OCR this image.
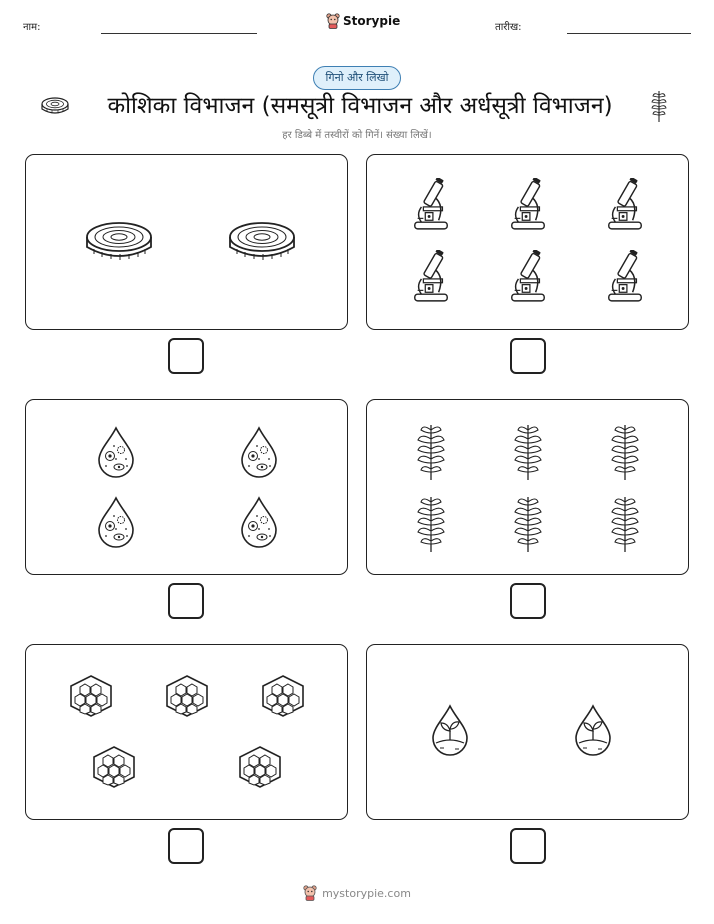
नाम:	Storypie	तारीख:
गिनो और लिखो
कोशिका विभाजन (समसूत्री विभाजन और अर्धसूत्री विभाजन)
हर डिब्बे में तस्वीरों को गिनें। संख्या लिखें।
mystorypie.com
